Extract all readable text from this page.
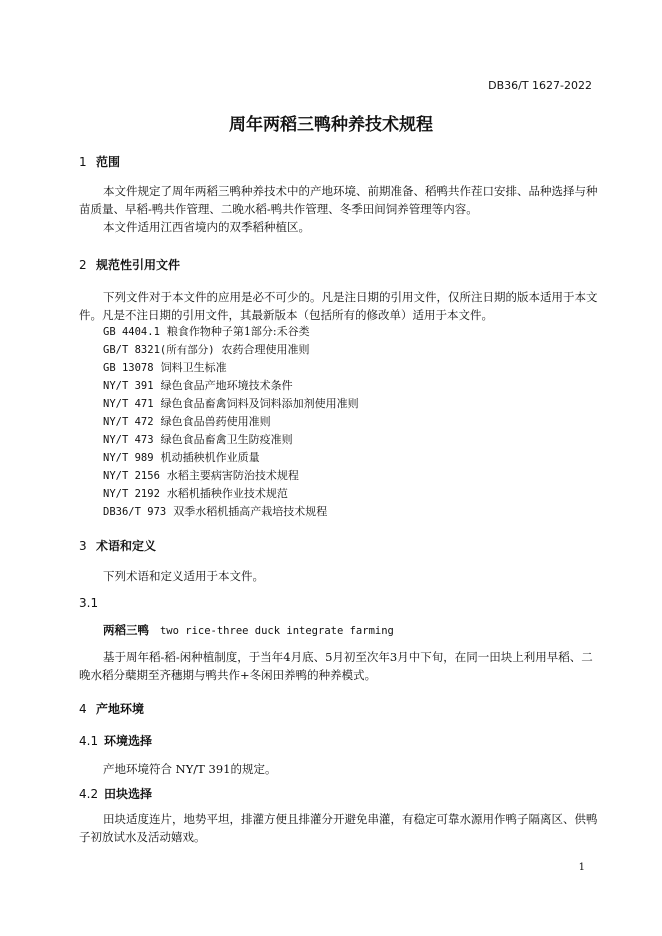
DB36/T 1627-2022
周年两稻三鸭种养技术规程
1 范围
本文件规定了周年两稻三鸭种养技术中的产地环境、前期准备、稻鸭共作茬口安排、品种选择与种
苗质量、早稻-鸭共作管理、二晚水稻-鸭共作管理、冬季田间饲养管理等内容。
本文件适用江西省境内的双季稻种植区。
2 规范性引用文件
下列文件对于本文件的应用是必不可少的。凡是注日期的引用文件，仅所注日期的版本适用于本文
件。凡是不注日期的引用文件，其最新版本（包括所有的修改单）适用于本文件。
GB 4404.1 粮食作物种子第1部分:禾谷类
GB/T 8321(所有部分) 农药合理使用准则
GB 13078 饲料卫生标准
NY/T 391 绿色食品产地环境技术条件
NY/T 471 绿色食品畜禽饲料及饲料添加剂使用准则
NY/T 472 绿色食品兽药使用准则
NY/T 473 绿色食品畜禽卫生防疫准则
NY/T 989 机动插秧机作业质量
NY/T 2156 水稻主要病害防治技术规程
NY/T 2192 水稻机插秧作业技术规范
DB36/T 973 双季水稻机插高产栽培技术规程
3 术语和定义
下列术语和定义适用于本文件。
3.1
两稻三鸭 two rice-three duck integrate farming
基于周年稻-稻-闲种植制度，于当年4月底、5月初至次年3月中下旬，在同一田块上利用早稻、二
晚水稻分蘖期至齐穗期与鸭共作+冬闲田养鸭的种养模式。
4 产地环境
4.1 环境选择
产地环境符合 NY/T 391的规定。
4.2 田块选择
田块适度连片，地势平坦，排灌方便且排灌分开避免串灌，有稳定可靠水源用作鸭子隔离区、供鸭
子初放试水及活动嬉戏。
1
